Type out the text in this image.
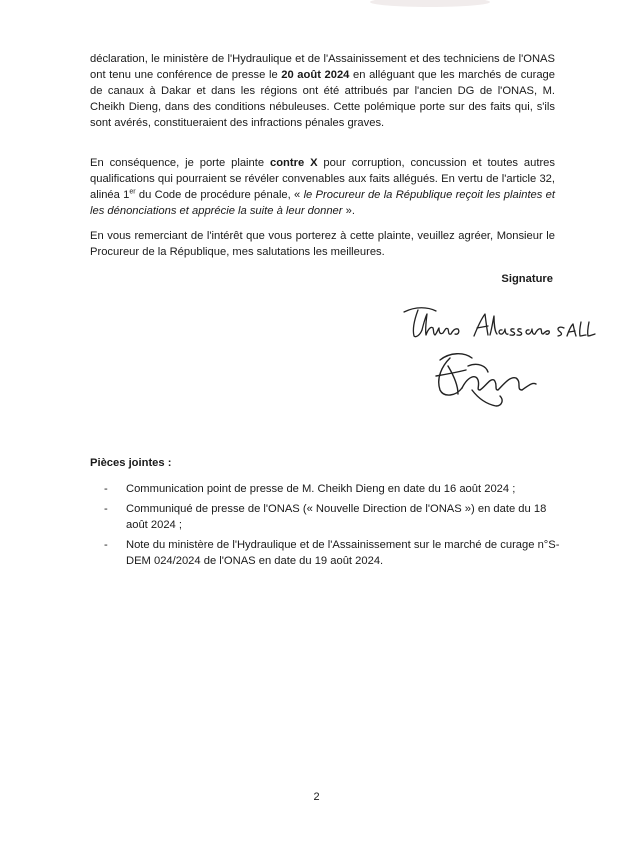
déclaration, le ministère de l'Hydraulique et de l'Assainissement et des techniciens de l'ONAS ont tenu une conférence de presse le 20 août 2024 en alléguant que les marchés de curage de canaux à Dakar et dans les régions ont été attribués par l'ancien DG de l'ONAS, M. Cheikh Dieng, dans des conditions nébuleuses. Cette polémique porte sur des faits qui, s'ils sont avérés, constitueraient des infractions pénales graves.

En conséquence, je porte plainte contre X pour corruption, concussion et toutes autres qualifications qui pourraient se révéler convenables aux faits allégués. En vertu de l'article 32, alinéa 1er du Code de procédure pénale, « le Procureur de la République reçoit les plaintes et les dénonciations et apprécie la suite à leur donner ».

En vous remerciant de l'intérêt que vous porterez à cette plainte, veuillez agréer, Monsieur le Procureur de la République, mes salutations les meilleures.

Signature

Pièces jointes :

- Communication point de presse de M. Cheikh Dieng en date du 16 août 2024 ;
- Communiqué de presse de l'ONAS (« Nouvelle Direction de l'ONAS ») en date du 18 août 2024 ;
- Note du ministère de l'Hydraulique et de l'Assainissement sur le marché de curage n°S-DEM 024/2024 de l'ONAS en date du 19 août 2024.

2
